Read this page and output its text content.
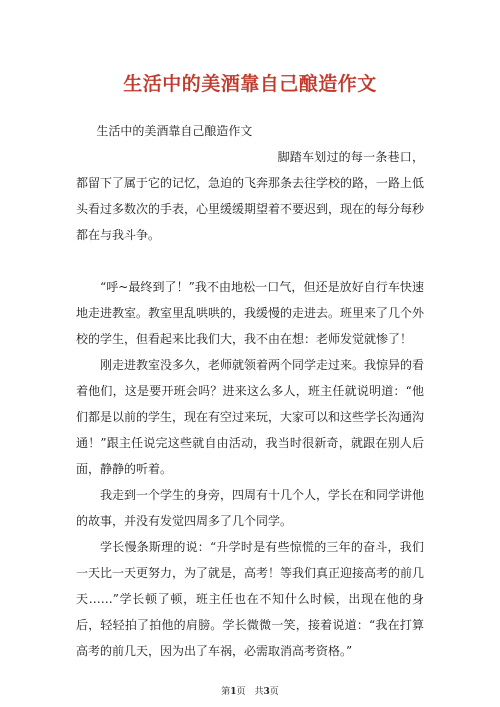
生活中的美酒靠自己酿造作文

生活中的美酒靠自己酿造作文

脚踏车划过的每一条巷口，都留下了属于它的记忆，急迫的飞奔那条去往学校的路，一路上低头看过多数次的手表，心里缓缓期望着不要迟到，现在的每分每秒都在与我斗争。

“呼~最终到了！”我不由地松一口气，但还是放好自行车快速地走进教室。教室里乱哄哄的，我缓慢的走进去。班里来了几个外校的学生，但看起来比我们大，我不由在想：老师发觉就惨了！

刚走进教室没多久，老师就领着两个同学走过来。我惊异的看着他们，这是要开班会吗？进来这么多人，班主任就说明道：“他们都是以前的学生，现在有空过来玩，大家可以和这些学长沟通沟通！”跟主任说完这些就自由活动，我当时很新奇，就跟在别人后面，静静的听着。

我走到一个学生的身旁，四周有十几个人，学长在和同学讲他的故事，并没有发觉四周多了几个同学。

学长慢条斯理的说：“升学时是有些惊慌的三年的奋斗，我们一天比一天更努力，为了就是，高考！等我们真正迎接高考的前几天……”学长顿了顿，班主任也在不知什么时候，出现在他的身后，轻轻拍了拍他的肩膀。学长微微一笑，接着说道：“我在打算高考的前几天，因为出了车祸，必需取消高考资格。”

第1页　共3页
